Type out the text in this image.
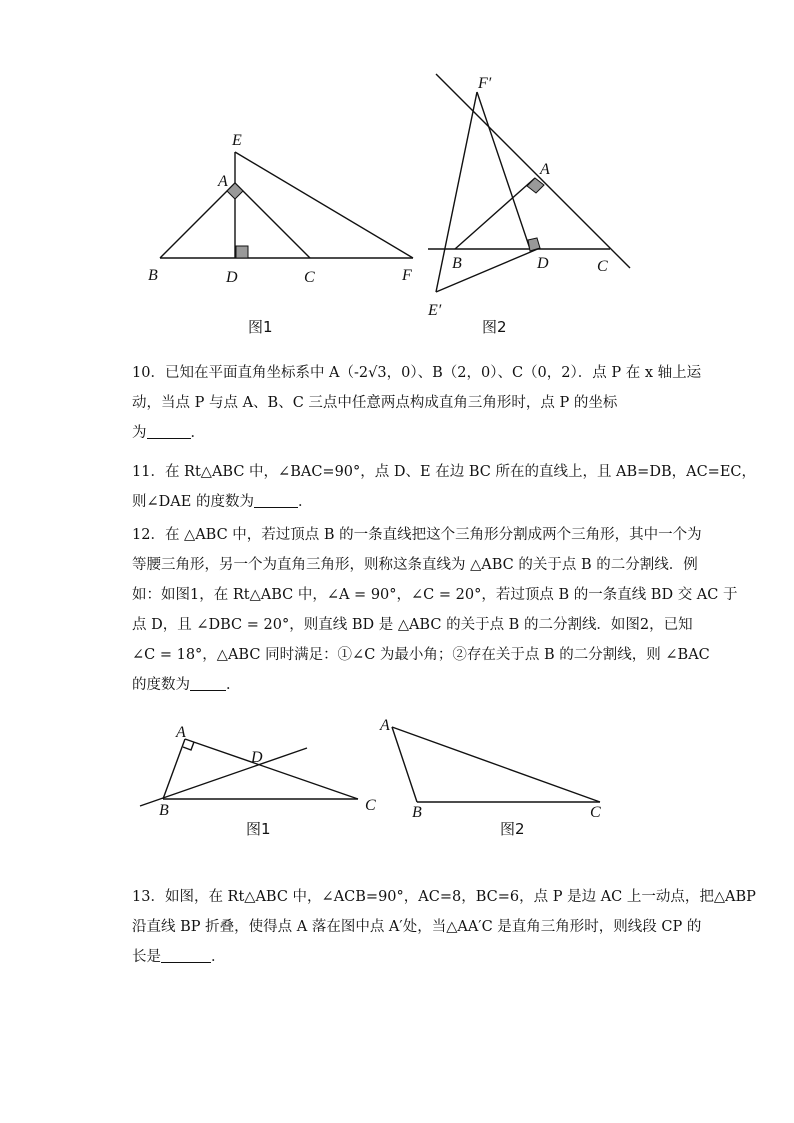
E
A
B	D	C	F
图1
F′
A
B	D	C
E′
图2
10．已知在平面直角坐标系中 A（-2√3，0）、B（2，0）、C（0，2）．点 P 在 x 轴上运
动，当点 P 与点 A、B、C 三点中任意两点构成直角三角形时，点 P 的坐标
为	．
11．在 Rt△ABC 中，∠BAC=90°，点 D、E 在边 BC 所在的直线上，且 AB=DB，AC=EC，
则∠DAE 的度数为	．
12．在 △ABC 中，若过顶点 B 的一条直线把这个三角形分割成两个三角形，其中一个为
等腰三角形，另一个为直角三角形，则称这条直线为 △ABC 的关于点 B 的二分割线．例
如：如图1，在 Rt△ABC 中，∠A = 90°，∠C = 20°，若过顶点 B 的一条直线 BD 交 AC 于
点 D，且 ∠DBC = 20°，则直线 BD 是 △ABC 的关于点 B 的二分割线．如图2，已知
∠C = 18°，△ABC 同时满足：①∠C 为最小角；②存在关于点 B 的二分割线，则 ∠BAC
的度数为 ．
A
D
B	C
图1
A
B	C
图2
13．如图，在 Rt△ABC 中，∠ACB=90°，AC=8，BC=6，点 P 是边 AC 上一动点，把△ABP
沿直线 BP 折叠，使得点 A 落在图中点 A′处，当△AA′C 是直角三角形时，则线段 CP 的
长是	．
